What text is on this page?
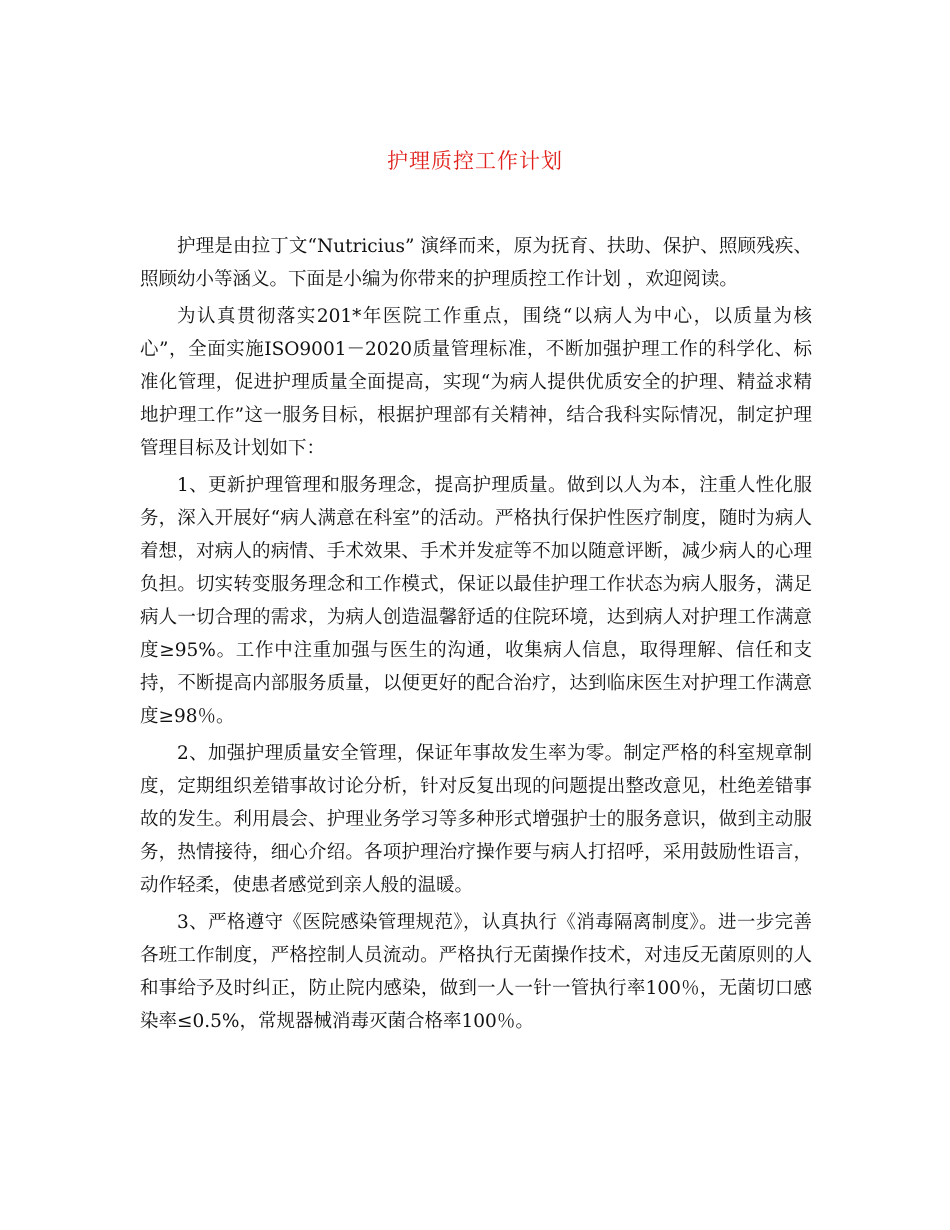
护理质控工作计划

护理是由拉丁文“Nutricius” 演绎而来，原为抚育、扶助、保护、照顾残疾、照顾幼小等涵义。下面是小编为你带来的护理质控工作计划 ，欢迎阅读。

为认真贯彻落实201*年医院工作重点，围绕“以病人为中心，以质量为核心”，全面实施ISO9001－2020质量管理标准，不断加强护理工作的科学化、标准化管理，促进护理质量全面提高，实现“为病人提供优质安全的护理、精益求精地护理工作”这一服务目标，根据护理部有关精神，结合我科实际情况，制定护理管理目标及计划如下：

1、更新护理管理和服务理念，提高护理质量。做到以人为本，注重人性化服务，深入开展好“病人满意在科室”的活动。严格执行保护性医疗制度，随时为病人着想，对病人的病情、手术效果、手术并发症等不加以随意评断，减少病人的心理负担。切实转变服务理念和工作模式，保证以最佳护理工作状态为病人服务，满足病人一切合理的需求，为病人创造温馨舒适的住院环境，达到病人对护理工作满意度≥95%。工作中注重加强与医生的沟通，收集病人信息，取得理解、信任和支持，不断提高内部服务质量，以便更好的配合治疗，达到临床医生对护理工作满意度≥98％。

2、加强护理质量安全管理，保证年事故发生率为零。制定严格的科室规章制度，定期组织差错事故讨论分析，针对反复出现的问题提出整改意见，杜绝差错事故的发生。利用晨会、护理业务学习等多种形式增强护士的服务意识，做到主动服务，热情接待，细心介绍。各项护理治疗操作要与病人打招呼，采用鼓励性语言，动作轻柔，使患者感觉到亲人般的温暖。

3、严格遵守《医院感染管理规范》，认真执行《消毒隔离制度》。进一步完善各班工作制度，严格控制人员流动。严格执行无菌操作技术，对违反无菌原则的人和事给予及时纠正，防止院内感染，做到一人一针一管执行率100％，无菌切口感染率≤0.5%，常规器械消毒灭菌合格率100％。
